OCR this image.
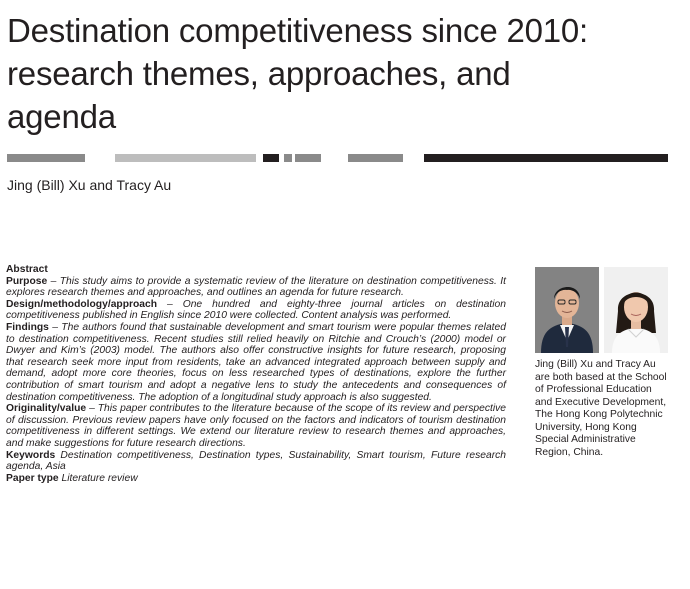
Destination competitiveness since 2010:
research themes, approaches, and
agenda
Jing (Bill) Xu and Tracy Au

Abstract

Purpose – This study aims to provide a systematic review of the literature on destination competitiveness. It explores research themes and approaches, and outlines an agenda for future research.

Design/methodology/approach – One hundred and eighty-three journal articles on destination competitiveness published in English since 2010 were collected. Content analysis was performed.

Findings – The authors found that sustainable development and smart tourism were popular themes related to destination competitiveness. Recent studies still relied heavily on Ritchie and Crouch’s (2000) model or Dwyer and Kim’s (2003) model. The authors also offer constructive insights for future research, proposing that research seek more input from residents, take an advanced integrated approach between supply and demand, adopt more core theories, focus on less researched types of destinations, explore the further contribution of smart tourism and adopt a negative lens to study the antecedents and consequences of destination competitiveness. The adoption of a longitudinal study approach is also suggested.

Originality/value – This paper contributes to the literature because of the scope of its review and perspective of discussion. Previous review papers have only focused on the factors and indicators of tourism destination competitiveness in different settings. We extend our literature review to research themes and approaches, and make suggestions for future research directions.

Keywords Destination competitiveness, Destination types, Sustainability, Smart tourism, Future research agenda, Asia

Paper type Literature review

Jing (Bill) Xu and Tracy Au are both based at the School of Professional Education and Executive Development, The Hong Kong Polytechnic University, Hong Kong Special Administrative Region, China.
